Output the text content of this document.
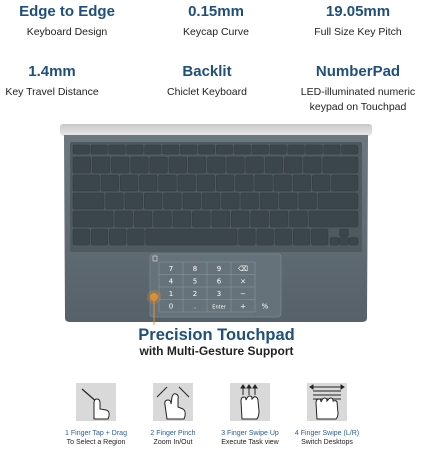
Edge to Edge
Keyboard Design
0.15mm
Keycap Curve
19.05mm
Full Size Key Pitch
1.4mm
Key Travel Distance
Backlit
Chiclet Keyboard
NumberPad
LED-illuminated numeric
keypad on Touchpad
7	8	9 ⌫
4	5	6	×
1	2	3	−
0	.	Enter + %
Precision Touchpad
with Multi-Gesture Support
1 Finger Tap + Drag
To Select a Region
2 Finger Pinch
Zoom In/Out
3 Finger Swipe Up
Execute Task view
4 Finger Swipe (L/R)
Switch Desktops
